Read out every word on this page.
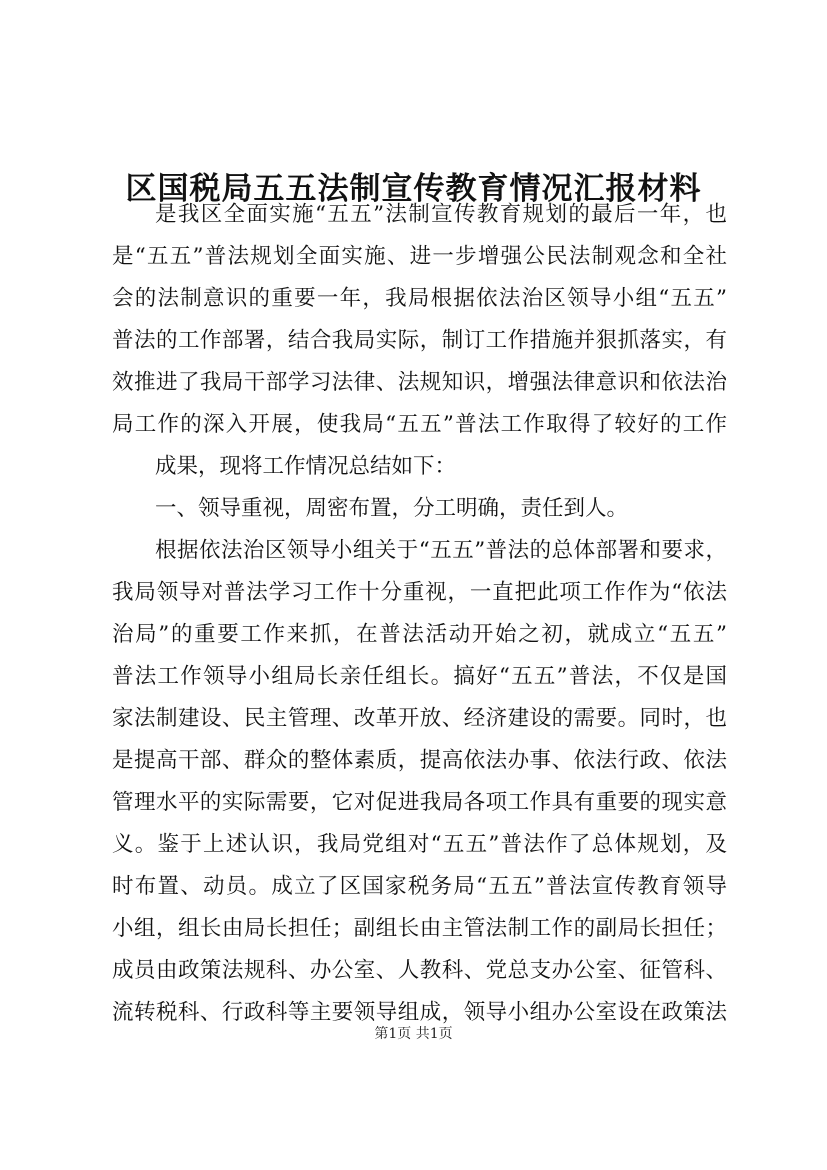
区国税局五五法制宣传教育情况汇报材料
是我区全面实施“五五”法制宣传教育规划的最后一年，也
是“五五”普法规划全面实施、进一步增强公民法制观念和全社
会的法制意识的重要一年，我局根据依法治区领导小组“五五”
普法的工作部署，结合我局实际，制订工作措施并狠抓落实，有
效推进了我局干部学习法律、法规知识，增强法律意识和依法治
局工作的深入开展，使我局“五五”普法工作取得了较好的工作
成果，现将工作情况总结如下：
一、领导重视，周密布置，分工明确，责任到人。
根据依法治区领导小组关于“五五”普法的总体部署和要求，
我局领导对普法学习工作十分重视，一直把此项工作作为“依法
治局”的重要工作来抓，在普法活动开始之初，就成立“五五”
普法工作领导小组局长亲任组长。搞好“五五”普法，不仅是国
家法制建设、民主管理、改革开放、经济建设的需要。同时，也
是提高干部、群众的整体素质，提高依法办事、依法行政、依法
管理水平的实际需要，它对促进我局各项工作具有重要的现实意
义。鉴于上述认识，我局党组对“五五”普法作了总体规划，及
时布置、动员。成立了区国家税务局“五五”普法宣传教育领导
小组，组长由局长担任；副组长由主管法制工作的副局长担任；
成员由政策法规科、办公室、人教科、党总支办公室、征管科、
流转税科、行政科等主要领导组成，领导小组办公室设在政策法
第1页 共1页
